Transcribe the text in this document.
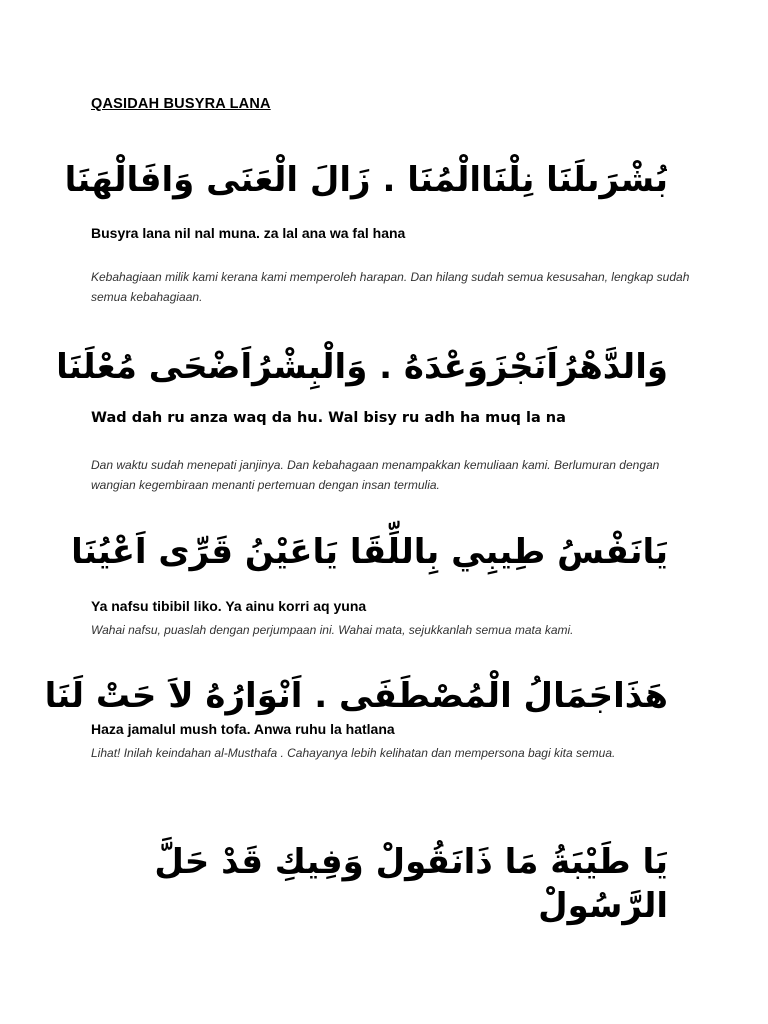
QASIDAH BUSYRA LANA

بُشْرَىلَنَا نِلْنَاالْمُنَا . زَالَ الْعَنَى وَافَالْهَنَا

Busyra lana nil nal muna. za lal ana wa fal hana

Kebahagiaan milik kami kerana kami memperoleh harapan. Dan hilang sudah semua kesusahan, lengkap sudah semua kebahagiaan.

وَالدَّهْرُاَنَجْزَوَعْدَهُ . وَالْبِشْرُاَضْحَى مُعْلَنَا

Wad dah ru anza waq da hu. Wal bisy ru adh ha muq la na

Dan waktu sudah menepati janjinya. Dan kebahagaan menampakkan kemuliaan kami. Berlumuran dengan wangian kegembiraan menanti pertemuan dengan insan termulia.

يَانَفْسُ طِيبِي بِاللِّقَا يَاعَيْنُ قَرِّى اَعْيُنَا

Ya nafsu tibibil liko. Ya ainu korri aq yuna

Wahai nafsu, puaslah dengan perjumpaan ini. Wahai mata, sejukkanlah semua mata kami.

هَذَاجَمَالُ الْمُصْطَفَى . اَنْوَارُهُ لاَ حَتْ لَنَا

Haza jamalul mush tofa. Anwa ruhu la hatlana

Lihat! Inilah keindahan al-Musthafa . Cahayanya lebih kelihatan dan mempersona bagi kita semua.

يَا طَيْبَةُ مَا ذَانَقُولْ وَفِيكِ قَدْ حَلَّ الرَّسُولْ
